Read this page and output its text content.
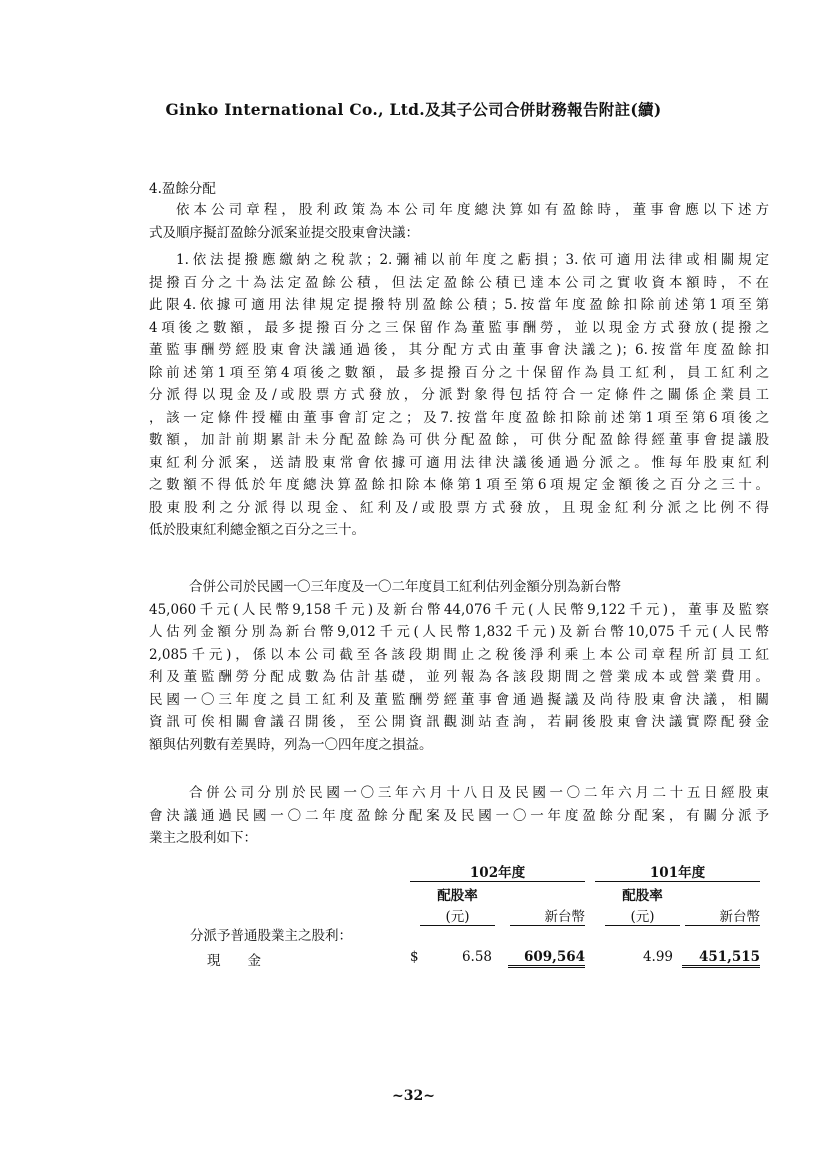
Ginko International Co., Ltd.及其子公司合併財務報告附註(續)
4.盈餘分配
依本公司章程，股利政策為本公司年度總決算如有盈餘時，董事會應以下述方
式及順序擬訂盈餘分派案並提交股東會決議：
1.依法提撥應繳納之稅款；2.彌補以前年度之虧損；3.依可適用法律或相關規定
提撥百分之十為法定盈餘公積，但法定盈餘公積已達本公司之實收資本額時，不在
此限4.依據可適用法律規定提撥特別盈餘公積；5.按當年度盈餘扣除前述第1項至第
4項後之數額，最多提撥百分之三保留作為董監事酬勞，並以現金方式發放(提撥之
董監事酬勞經股東會決議通過後，其分配方式由董事會決議之)；6.按當年度盈餘扣
除前述第1項至第4項後之數額，最多提撥百分之十保留作為員工紅利，員工紅利之
分派得以現金及/或股票方式發放，分派對象得包括符合一定條件之關係企業員工
，該一定條件授權由董事會訂定之；及7.按當年度盈餘扣除前述第1項至第6項後之
數額，加計前期累計未分配盈餘為可供分配盈餘，可供分配盈餘得經董事會提議股
東紅利分派案，送請股東常會依據可適用法律決議後通過分派之。惟每年股東紅利
之數額不得低於年度總決算盈餘扣除本條第1項至第6項規定金額後之百分之三十。
股東股利之分派得以現金、紅利及/或股票方式發放，且現金紅利分派之比例不得
低於股東紅利總金額之百分之三十。
合併公司於民國一〇三年度及一〇二年度員工紅利估列金額分別為新台幣
45,060千元(人民幣9,158千元)及新台幣44,076千元(人民幣9,122千元)，董事及監察
人估列金額分別為新台幣9,012千元(人民幣1,832千元)及新台幣10,075千元(人民幣
2,085千元)，係以本公司截至各該段期間止之稅後淨利乘上本公司章程所訂員工紅
利及董監酬勞分配成數為估計基礎，並列報為各該段期間之營業成本或營業費用。
民國一〇三年度之員工紅利及董監酬勞經董事會通過擬議及尚待股東會決議，相關
資訊可俟相關會議召開後，至公開資訊觀測站查詢，若嗣後股東會決議實際配發金
額與估列數有差異時，列為一〇四年度之損益。
合併公司分別於民國一〇三年六月十八日及民國一〇二年六月二十五日經股東
會決議通過民國一〇二年度盈餘分配案及民國一〇一年度盈餘分配案，有關分派予
業主之股利如下：
102年度	101年度
配股率
(元)	新台幣
配股率
(元)	新台幣
分派予普通股業主之股利：
現　　金	$	6.58	609,564	4.99	451,515
~32~
